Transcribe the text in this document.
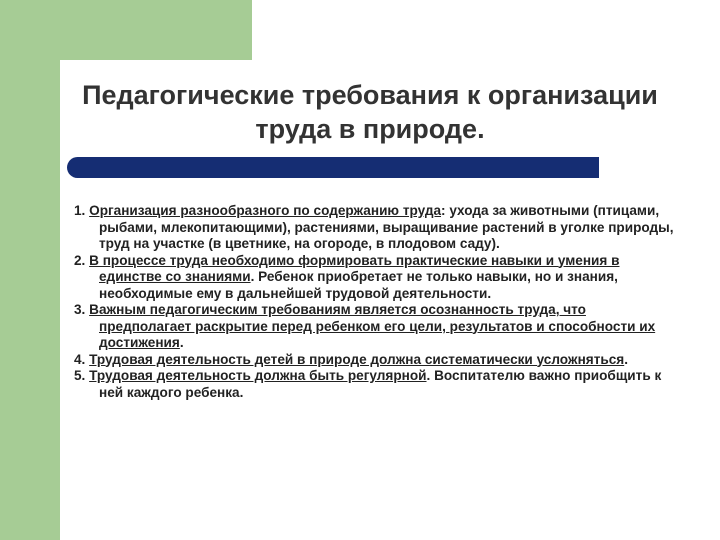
Педагогические требования к организации труда в природе.

1. Организация разнообразного по содержанию труда: ухода за животными (птицами, рыбами, млекопитающими), растениями, выращивание растений в уголке природы, труд на участке (в цветнике, на огороде, в плодовом саду).

2. В процессе труда необходимо формировать практические навыки и умения в единстве со знаниями. Ребенок приобретает не только навыки, но и знания, необходимые ему в дальнейшей трудовой деятельности.

3. Важным педагогическим требованиям является осознанность труда, что предполагает раскрытие перед ребенком его цели, результатов и способности их достижения.

4. Трудовая деятельность детей в природе должна систематически усложняться.

5. Трудовая деятельность должна быть регулярной. Воспитателю важно приобщить к ней каждого ребенка.
